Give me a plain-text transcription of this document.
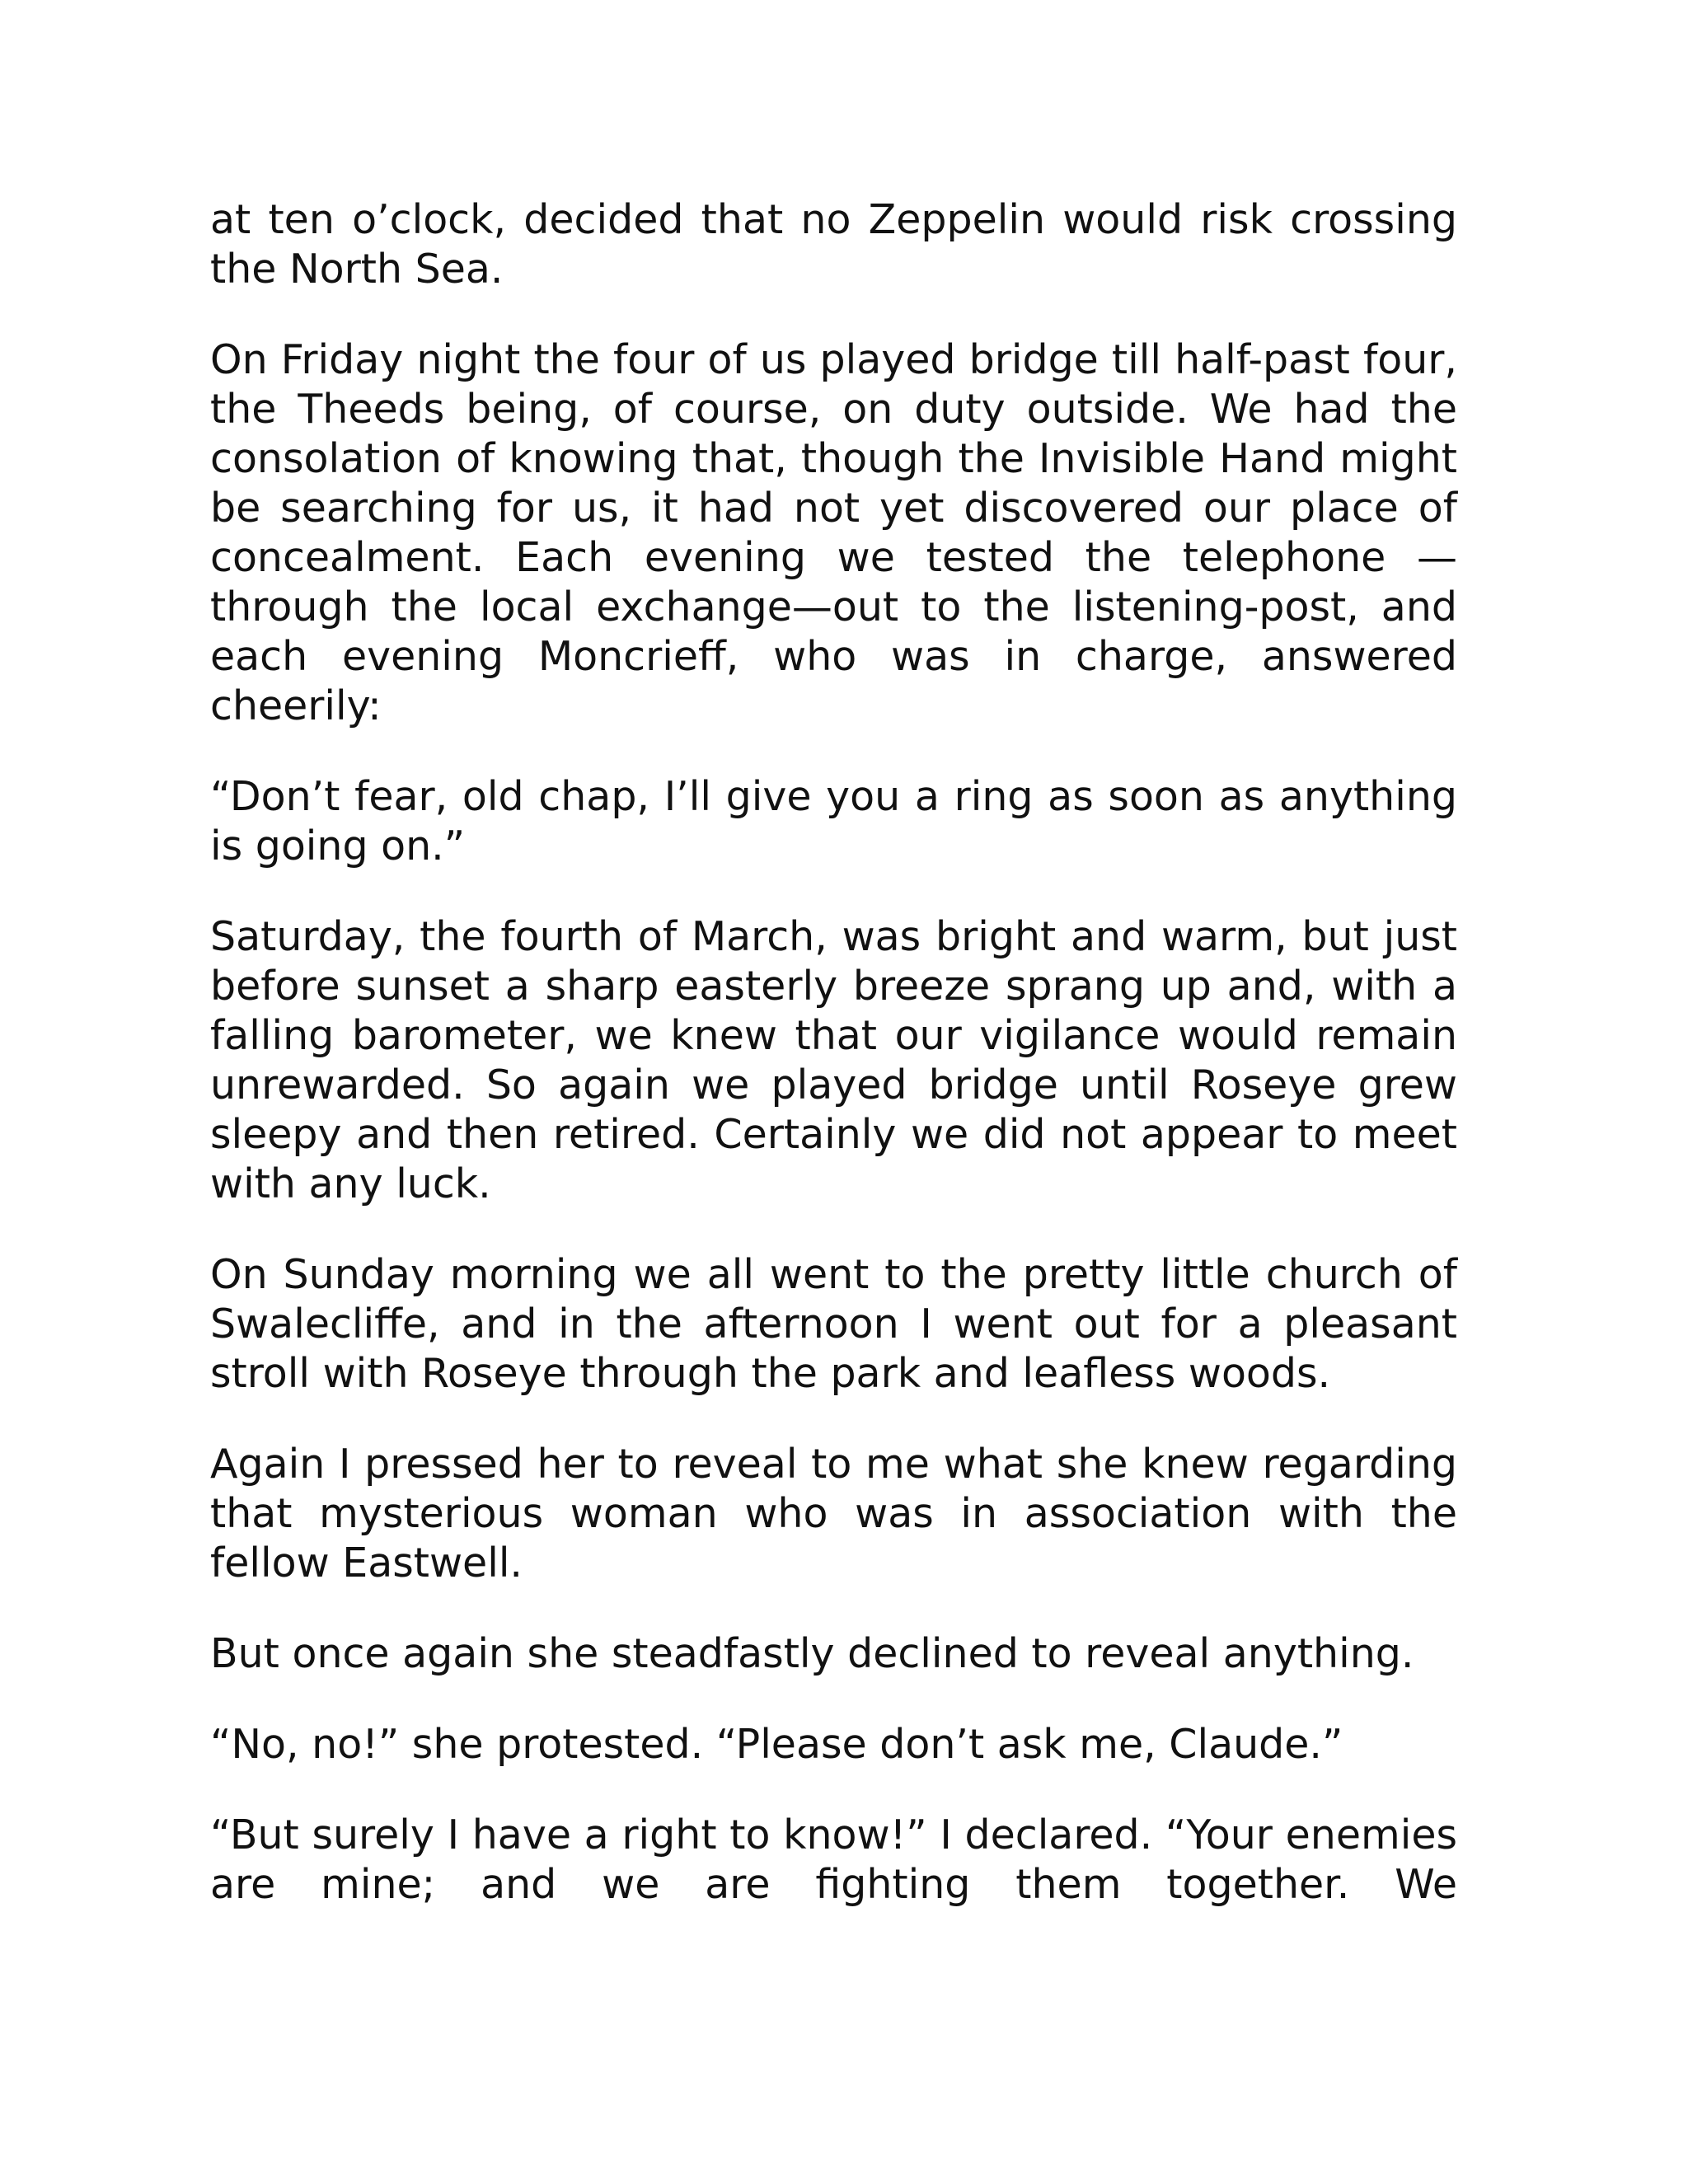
at ten o’clock, decided that no Zeppelin would risk crossing the North Sea.

On Friday night the four of us played bridge till half-past four, the Theeds being, of course, on duty outside. We had the consolation of knowing that, though the Invisible Hand might be searching for us, it had not yet discovered our place of concealment. Each evening we tested the telephone —through the local exchange—out to the listening-post, and each evening Moncrieff, who was in charge, answered cheerily:

“Don’t fear, old chap, I’ll give you a ring as soon as anything is going on.”

Saturday, the fourth of March, was bright and warm, but just before sunset a sharp easterly breeze sprang up and, with a falling barometer, we knew that our vigilance would remain unrewarded. So again we played bridge until Roseye grew sleepy and then retired. Certainly we did not appear to meet with any luck.

On Sunday morning we all went to the pretty little church of Swalecliffe, and in the afternoon I went out for a pleasant stroll with Roseye through the park and leafless woods.

Again I pressed her to reveal to me what she knew regarding that mysterious woman who was in association with the fellow Eastwell.

But once again she steadfastly declined to reveal anything.

“No, no!” she protested. “Please don’t ask me, Claude.”

“But surely I have a right to know!” I declared. “Your enemies are mine; and we are fighting them together. We
